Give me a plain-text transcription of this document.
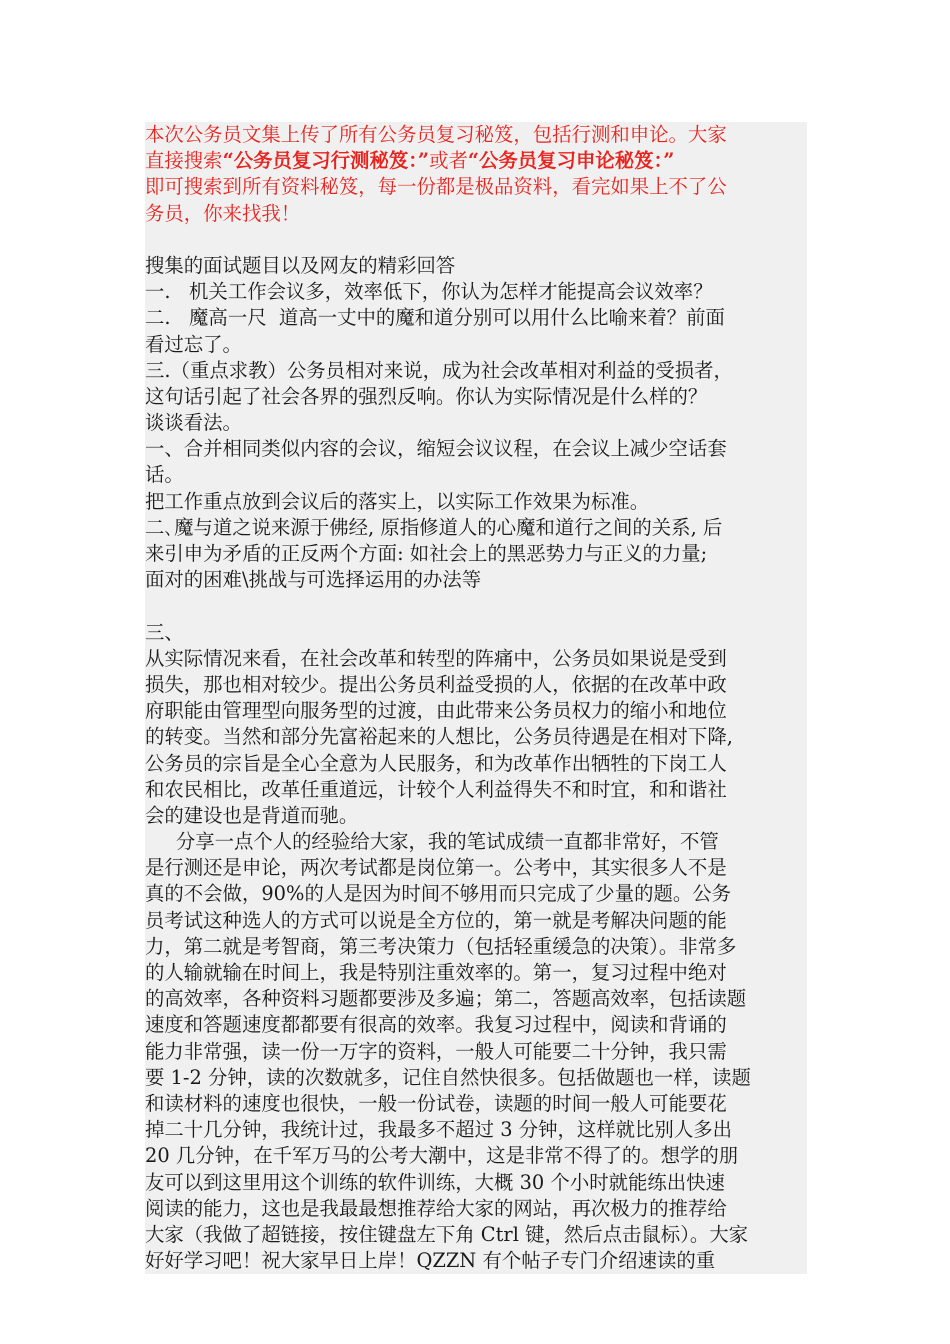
本次公务员文集上传了所有公务员复习秘笈，包括行测和申论。大家
直接搜索“公务员复习行测秘笈：”或者“公务员复习申论秘笈：”
即可搜索到所有资料秘笈，每一份都是极品资料，看完如果上不了公
务员，你来找我！
搜集的面试题目以及网友的精彩回答
一.   机关工作会议多，效率低下，你认为怎样才能提高会议效率？
二.   魔高一尺  道高一丈中的魔和道分别可以用什么比喻来着？前面
看过忘了。
三.（重点求教）公务员相对来说，成为社会改革相对利益的受损者，
这句话引起了社会各界的强烈反响。你认为实际情况是什么样的？
谈谈看法。
一、合并相同类似内容的会议，缩短会议议程，在会议上减少空话套
话。
把工作重点放到会议后的落实上，以实际工作效果为标准。
二､魔与道之说来源于佛经, 原指修道人的心魔和道行之间的关系, 后
来引申为矛盾的正反两个方面: 如社会上的黑恶势力与正义的力量;
面对的困难\挑战与可选择运用的办法等
三、
从实际情况来看，在社会改革和转型的阵痛中，公务员如果说是受到
损失，那也相对较少。提出公务员利益受损的人，依据的在改革中政
府职能由管理型向服务型的过渡，由此带来公务员权力的缩小和地位
的转变。当然和部分先富裕起来的人想比，公务员待遇是在相对下降,
公务员的宗旨是全心全意为人民服务，和为改革作出牺牲的下岗工人
和农民相比，改革任重道远，计较个人利益得失不和时宜，和和谐社
会的建设也是背道而驰。
分享一点个人的经验给大家，我的笔试成绩一直都非常好，不管
是行测还是申论，两次考试都是岗位第一。公考中，其实很多人不是
真的不会做，90%的人是因为时间不够用而只完成了少量的题。公务
员考试这种选人的方式可以说是全方位的，第一就是考解决问题的能
力，第二就是考智商，第三考决策力（包括轻重缓急的决策）。非常多
的人输就输在时间上，我是特别注重效率的。第一，复习过程中绝对
的高效率，各种资料习题都要涉及多遍；第二，答题高效率，包括读题
速度和答题速度都都要有很高的效率。我复习过程中，阅读和背诵的
能力非常强，读一份一万字的资料，一般人可能要二十分钟，我只需
要 1-2 分钟，读的次数就多，记住自然快很多。包括做题也一样，读题
和读材料的速度也很快，一般一份试卷，读题的时间一般人可能要花
掉二十几分钟，我统计过，我最多不超过 3 分钟，这样就比别人多出
20 几分钟，在千军万马的公考大潮中，这是非常不得了的。想学的朋
友可以到这里用这个训练的软件训练，大概 30 个小时就能练出快速
阅读的能力，这也是我最最想推荐给大家的网站，再次极力的推荐给
大家（我做了超链接，按住键盘左下角 Ctrl 键，然后点击鼠标）。大家
好好学习吧！祝大家早日上岸！QZZN 有个帖子专门介绍速读的重
